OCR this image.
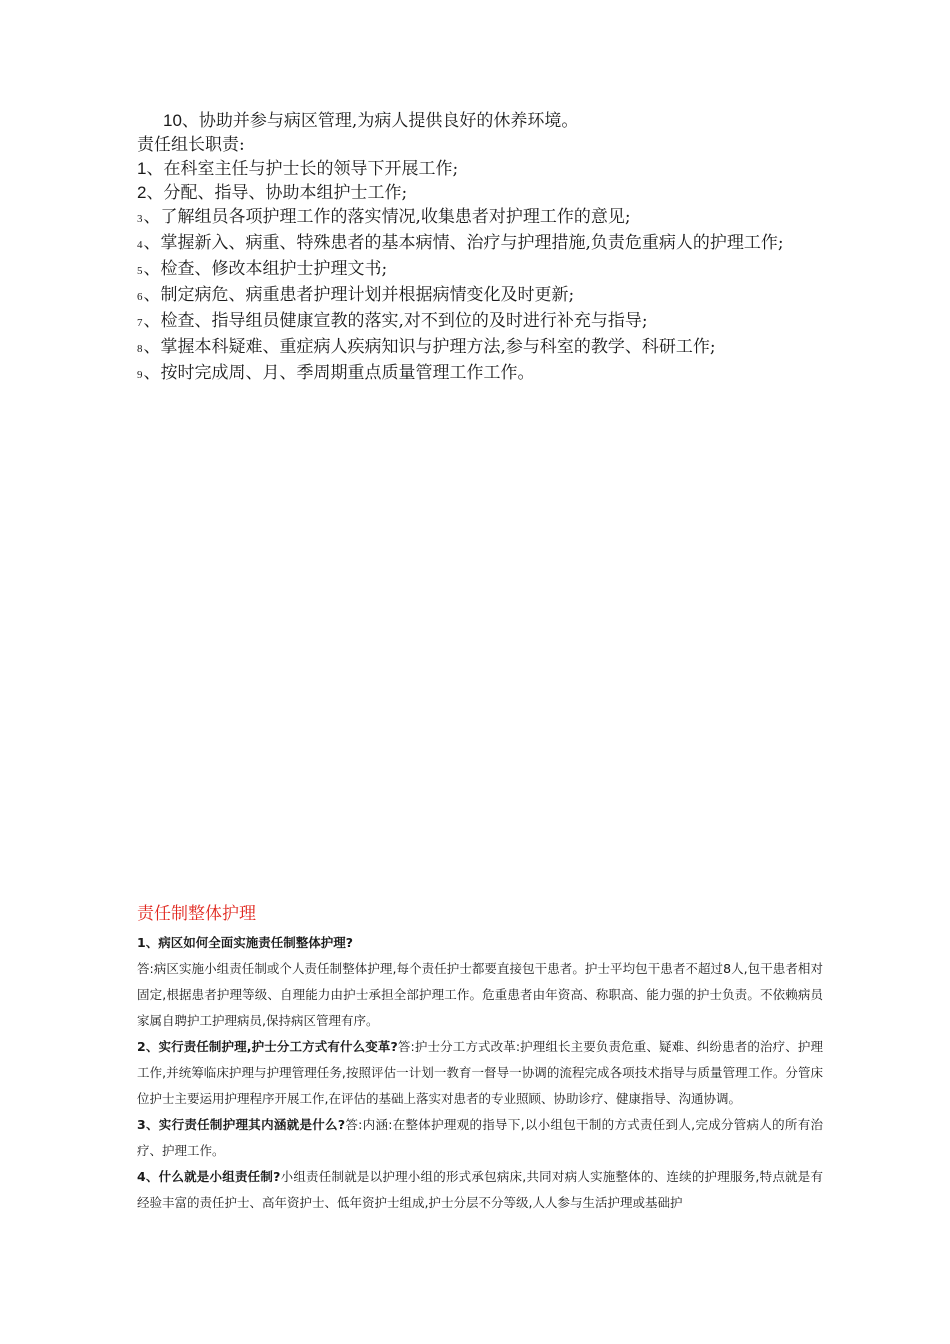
10、协助并参与病区管理,为病人提供良好的休养环境。
责任组长职责:
1、在科室主任与护士长的领导下开展工作;
2、分配、指导、协助本组护士工作;
3、了解组员各项护理工作的落实情况,收集患者对护理工作的意见;
4、掌握新入、病重、特殊患者的基本病情、治疗与护理措施,负责危重病人的护理工作;
5、检查、修改本组护士护理文书;
6、制定病危、病重患者护理计划并根据病情变化及时更新;
7、检查、指导组员健康宣教的落实,对不到位的及时进行补充与指导;
8、掌握本科疑难、重症病人疾病知识与护理方法,参与科室的教学、科研工作;
9、按时完成周、月、季周期重点质量管理工作工作。
责任制整体护理

1、病区如何全面实施责任制整体护理?
答:病区实施小组责任制或个人责任制整体护理,每个责任护士都要直接包干患者。护士平均包干患者不超过8人,包干患者相对固定,根据患者护理等级、自理能力由护士承担全部护理工作。危重患者由年资高、称职高、能力强的护士负责。不依赖病员家属自聘护工护理病员,保持病区管理有序。

2、实行责任制护理,护士分工方式有什么变革?答:护士分工方式改革:护理组长主要负责危重、疑难、纠纷患者的治疗、护理工作,并统筹临床护理与护理管理任务,按照评估一计划一教育一督导一协调的流程完成各项技术指导与质量管理工作。分管床位护士主要运用护理程序开展工作,在评估的基础上落实对患者的专业照顾、协助诊疗、健康指导、沟通协调。

3、实行责任制护理其内涵就是什么?答:内涵:在整体护理观的指导下,以小组包干制的方式责任到人,完成分管病人的所有治疗、护理工作。

4、什么就是小组责任制?小组责任制就是以护理小组的形式承包病床,共同对病人实施整体的、连续的护理服务,特点就是有经验丰富的责任护士、高年资护士、低年资护士组成,护士分层不分等级,人人参与生活护理或基础护
